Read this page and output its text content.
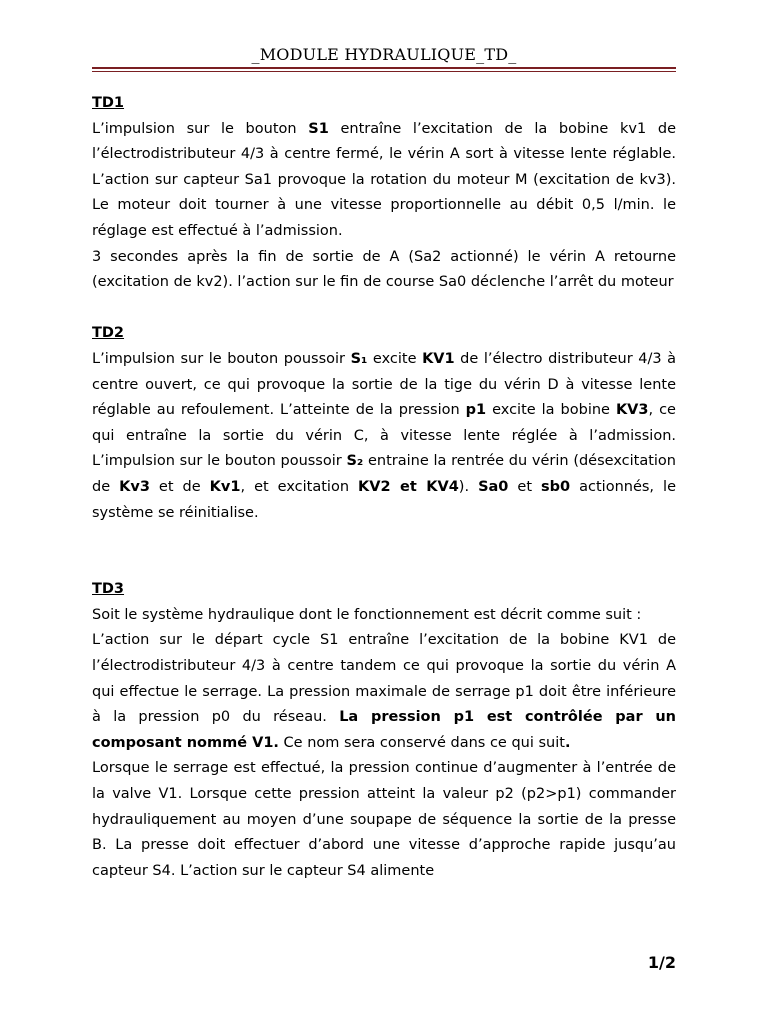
_MODULE HYDRAULIQUE_TD_
TD1

L’impulsion sur le bouton S1 entraîne l’excitation de la bobine kv1 de l’électrodistributeur 4/3 à centre fermé, le vérin A sort à vitesse lente réglable. L’action sur capteur Sa1 provoque la rotation du moteur M (excitation de kv3). Le moteur doit tourner à une vitesse proportionnelle au débit 0,5 l/min. le réglage est effectué à l’admission.

3 secondes après la fin de sortie de A (Sa2 actionné) le vérin A retourne (excitation de kv2). l’action sur le fin de course Sa0 déclenche l’arrêt du moteur

TD2

L’impulsion sur le bouton poussoir S₁ excite KV1 de l’électro distributeur 4/3 à centre ouvert, ce qui provoque la sortie de la tige du vérin D à vitesse lente réglable au refoulement. L’atteinte de la pression p1 excite la bobine KV3, ce qui entraîne la sortie du vérin C, à vitesse lente réglée à l’admission. L’impulsion sur le bouton poussoir S₂ entraine la rentrée du vérin (désexcitation de Kv3 et de Kv1, et excitation KV2 et KV4). Sa0 et sb0 actionnés, le système se réinitialise.

TD3

Soit le système hydraulique dont le fonctionnement est décrit comme suit :

L’action sur le départ cycle S1 entraîne l’excitation de la bobine KV1 de l’électrodistributeur 4/3 à centre tandem ce qui provoque la sortie du vérin A qui effectue le serrage. La pression maximale de serrage p1 doit être inférieure à la pression p0 du réseau. La pression p1 est contrôlée par un composant nommé V1. Ce nom sera conservé dans ce qui suit.

Lorsque le serrage est effectué, la pression continue d’augmenter à l’entrée de la valve V1. Lorsque cette pression atteint la valeur p2 (p2>p1) commander hydrauliquement au moyen d’une soupape de séquence la sortie de la presse B. La presse doit effectuer d’abord une vitesse d’approche rapide jusqu’au capteur S4. L’action sur le capteur S4 alimente

1/2
